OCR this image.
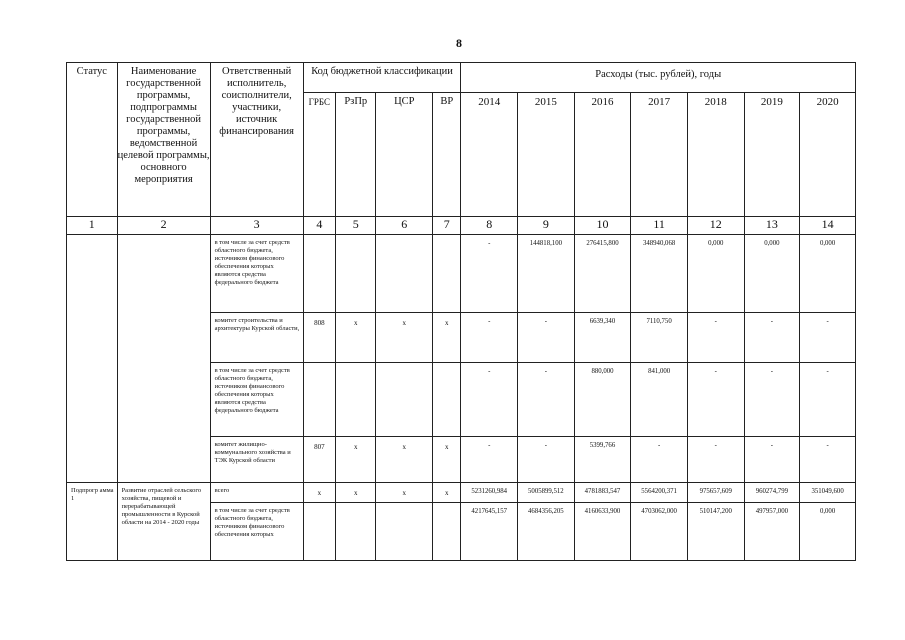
8
Статус	Наименование государственной программы, подпрограммы государственной программы, ведомственной целевой программы, основного мероприятия	Ответственный исполнитель, соисполнители, участники, источник финансирования	Код бюджетной классификации				Расходы (тыс. рублей), годы						
			ГРБС	РзПр	ЦСР	ВР	2014	2015	2016	2017	2018	2019	2020
1	2	3	4	5	6	7	8	9	10	11	12	13	14
		в том числе за счет средств областного бюджета, источником финансового обеспечения которых являются средства федерального бюджета					-	144818,100	276415,800	348940,068	0,000	0,000	0,000
		комитет строительства и архитектуры Курской области,	808	х	х	х	-	-	6639,340	7110,750	-	-	-
		в том числе за счет средств областного бюджета, источником финансового обеспечения которых являются средства федерального бюджета					-	-	880,000	841,000	-	-	-
		комитет жилищно-коммунального хозяйства и ТЭК Курской области	807	х	х	х	-	-	5399,766	-	-	-	-
Подпрогр амма 1	Развитие отраслей сельского хозяйства, пищевой и перерабатывающей промышленности в Курской области на 2014 - 2020 годы	всего	х	х	х	х	5231260,984	5005899,512	4781883,547	5564200,371	975657,609	960274,799	351049,600
		в том числе за счет средств областного бюджета, источником финансового обеспечения которых					4217645,157	4684356,205	4160633,900	4703062,000	510147,200	497957,000	0,000
